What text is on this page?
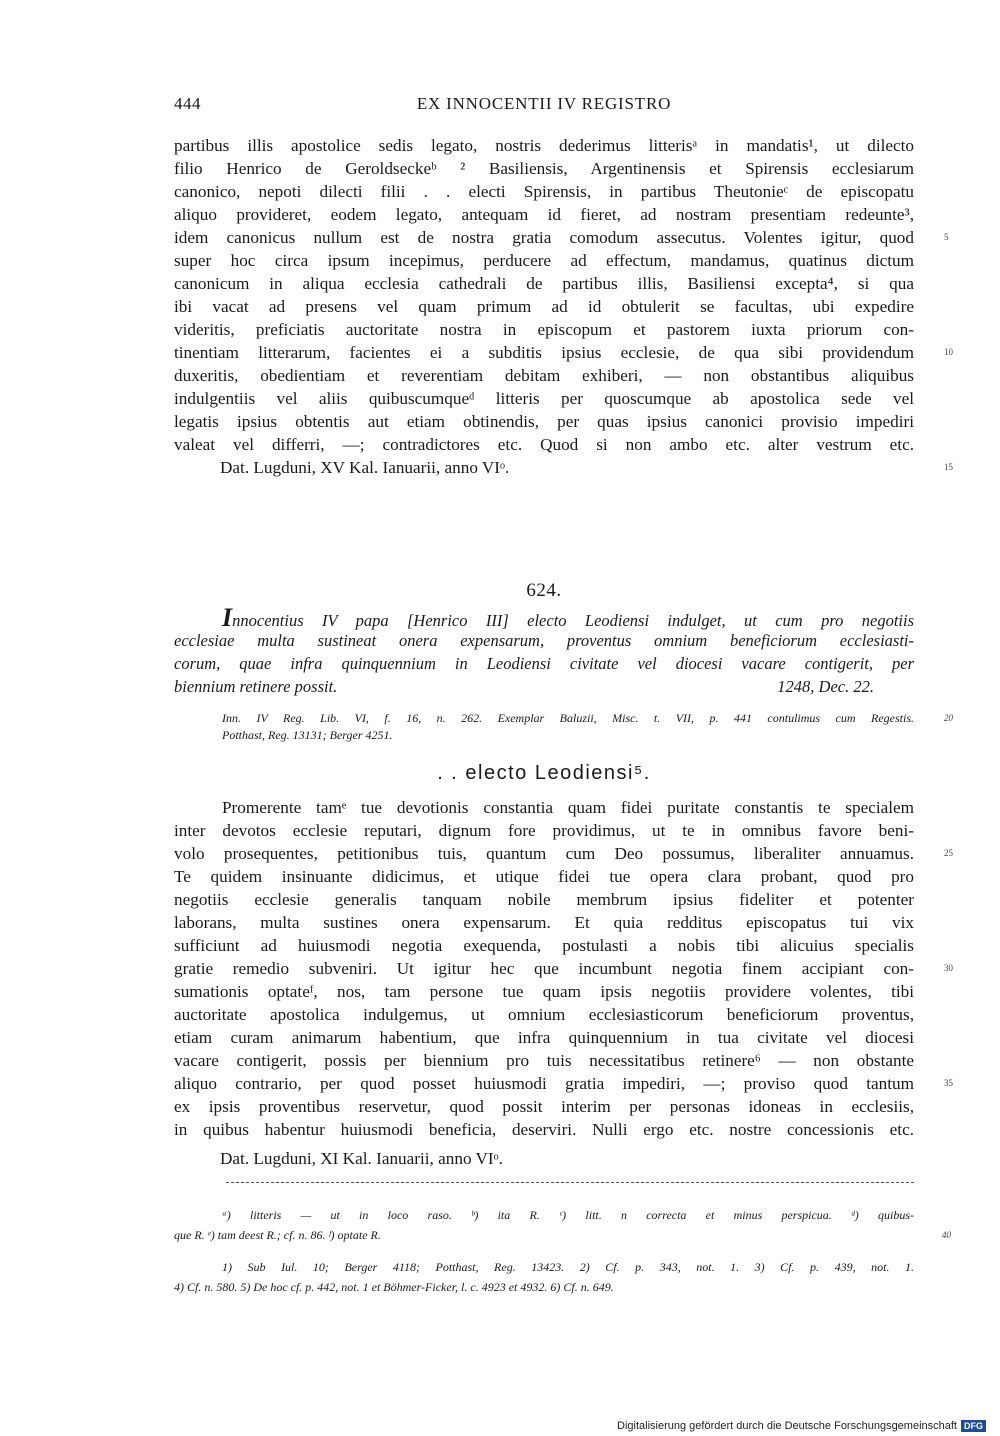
444	EX INNOCENTII IV REGISTRO
partibus illis apostolice sedis legato, nostris dederimus litterisᵃ in mandatis¹, ut dilecto
filio Henrico de Geroldseckeᵇ ² Basiliensis, Argentinensis et Spirensis ecclesiarum
canonico, nepoti dilecti filii . . electi Spirensis, in partibus Theutonieᶜ de episcopatu
aliquo provideret, eodem legato, antequam id fieret, ad nostram presentiam redeunte³,
idem canonicus nullum est de nostra gratia comodum assecutus. Volentes igitur, quod	5
super hoc circa ipsum incepimus, perducere ad effectum, mandamus, quatinus dictum
canonicum in aliqua ecclesia cathedrali de partibus illis, Basiliensi excepta⁴, si qua
ibi vacat ad presens vel quam primum ad id obtulerit se facultas, ubi expedire
videritis, preficiatis auctoritate nostra in episcopum et pastorem iuxta priorum con-
tinentiam litterarum, facientes ei a subditis ipsius ecclesie, de qua sibi providendum	10
duxeritis, obedientiam et reverentiam debitam exhiberi, — non obstantibus aliquibus
indulgentiis vel aliis quibuscumqueᵈ litteris per quoscumque ab apostolica sede vel
legatis ipsius obtentis aut etiam obtinendis, per quas ipsius canonici provisio impediri
valeat vel differri, —; contradictores etc. Quod si non ambo etc. alter vestrum etc.
Dat. Lugduni, XV Kal. Ianuarii, anno VIᵒ.	15
624.
Innocentius IV papa [Henrico III] electo Leodiensi indulget, ut cum pro negotiis
ecclesiae multa sustineat onera expensarum, proventus omnium beneficiorum ecclesiasti-
corum, quae infra quinquennium in Leodiensi civitate vel diocesi vacare contigerit, per
biennium retinere possit.	1248, Dec. 22.
Inn. IV Reg. Lib. VI, f. 16, n. 262. Exemplar Baluzii, Misc. t. VII, p. 441 contulimus cum Regestis.	20
Potthast, Reg. 13131; Berger 4251.
. . electo Leodiensi⁵.
Promerente tamᵉ tue devotionis constantia quam fidei puritate constantis te specialem
inter devotos ecclesie reputari, dignum fore providimus, ut te in omnibus favore beni-
volo prosequentes, petitionibus tuis, quantum cum Deo possumus, liberaliter annuamus.	25
Te quidem insinuante didicimus, et utique fidei tue opera clara probant, quod pro
negotiis ecclesie generalis tanquam nobile membrum ipsius fideliter et potenter
laborans, multa sustines onera expensarum. Et quia redditus episcopatus tui vix
sufficiunt ad huiusmodi negotia exequenda, postulasti a nobis tibi alicuius specialis
gratie remedio subveniri. Ut igitur hec que incumbunt negotia finem accipiant con-	30
sumationis optateᶠ, nos, tam persone tue quam ipsis negotiis providere volentes, tibi
auctoritate apostolica indulgemus, ut omnium ecclesiasticorum beneficiorum proventus,
etiam curam animarum habentium, que infra quinquennium in tua civitate vel diocesi
vacare contigerit, possis per biennium pro tuis necessitatibus retinere⁶ — non obstante
aliquo contrario, per quod posset huiusmodi gratia impediri, —; proviso quod tantum	35
ex ipsis proventibus reservetur, quod possit interim per personas idoneas in ecclesiis,
in quibus habentur huiusmodi beneficia, deserviri. Nulli ergo etc. nostre concessionis etc.
Dat. Lugduni, XI Kal. Ianuarii, anno VIᵒ.
ᵃ) litteris — ut in loco raso. ᵇ) ita R. ᶜ) litt. n correcta et minus perspicua. ᵈ) quibus-
que R. ᵉ) tam deest R.; cf. n. 86. ᶠ) optate R.	40
1) Sub Iul. 10; Berger 4118; Potthast, Reg. 13423. 2) Cf. p. 343, not. 1. 3) Cf. p. 439, not. 1.
4) Cf. n. 580. 5) De hoc cf. p. 442, not. 1 et Böhmer-Ficker, l. c. 4923 et 4932. 6) Cf. n. 649.
Digitalisierung gefördert durch die Deutsche Forschungsgemeinschaft DFG
